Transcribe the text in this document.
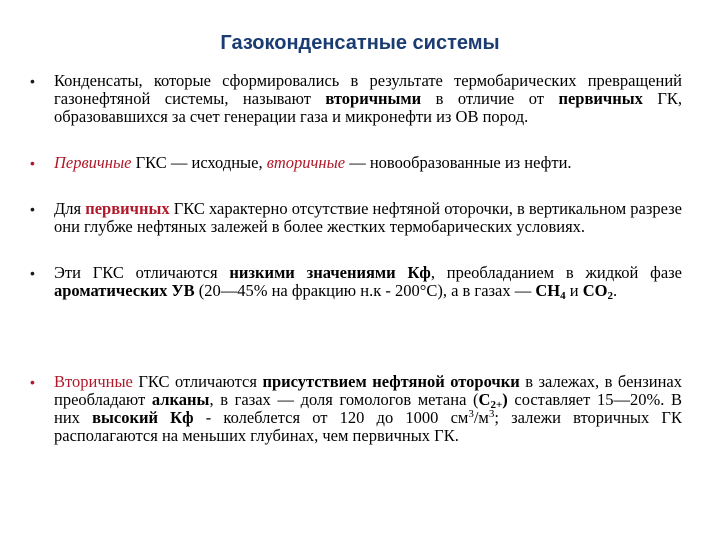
Газоконденсатные системы
• Конденсаты, которые сформировались в результате термобарических превращений газонефтяной системы, называют вторичными в отличие от первичных ГК, образовавшихся за счет генерации газа и микронефти из ОВ пород.
• Первичные ГКС — исходные, вторичные — новообразованные из нефти.
• Для первичных ГКС характерно отсутствие нефтяной оторочки, в вертикальном разрезе они глубже нефтяных залежей в более жестких термобарических условиях.
• Эти ГКС отличаются низкими значениями Кф, преобладанием в жидкой фазе ароматических УВ (20—45% на фракцию н.к - 200°С), а в газах — $СН_4$ и $СО_2$.
• Вторичные ГКС отличаются присутствием нефтяной оторочки в залежах, в бензинах преобладают алканы, в газах — доля гомологов метана $(С_{2+})$ составляет 15—20%. В них высокий Кф - колеблется от 120 до 1000 $см^3/м^3$; залежи вторичных ГК располагаются на меньших глубинах, чем первичных ГК.
